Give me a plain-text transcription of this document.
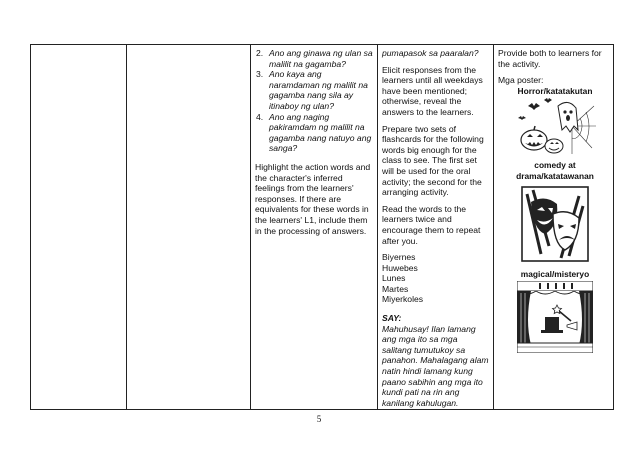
2. Ano ang ginawa ng ulan sa malilit na gagamba?
3. Ano kaya ang naramdaman ng malilit na gagamba nang sila ay itinaboy ng ulan?
4. Ano ang naging pakiramdam ng malilit na gagamba nang natuyo ang sanga?
Highlight the action words and the character's inferred feelings from the learners' responses. If there are equivalents for these words in the learners' L1, include them in the processing of answers.

pumapasok sa paaralan?

Elicit responses from the learners until all weekdays have been mentioned; otherwise, reveal the answers to the learners.

Prepare two sets of flashcards for the following words big enough for the class to see. The first set will be used for the oral activity; the second for the arranging activity.

Read the words to the learners twice and encourage them to repeat after you.

Biyernes
Huwebes
Lunes
Martes
Miyerkoles
SAY:
Mahuhusay! Ilan lamang ang mga ito sa mga salitang tumutukoy sa panahon. Mahalagang alam natin hindi lamang kung paano sabihin ang mga ito kundi pati na rin ang kanilang kahulugan.
Provide both to learners for the activity.
Mga poster:
Horror/katatakutan
comedy at
drama/katatawanan
magical/misteryo
5
